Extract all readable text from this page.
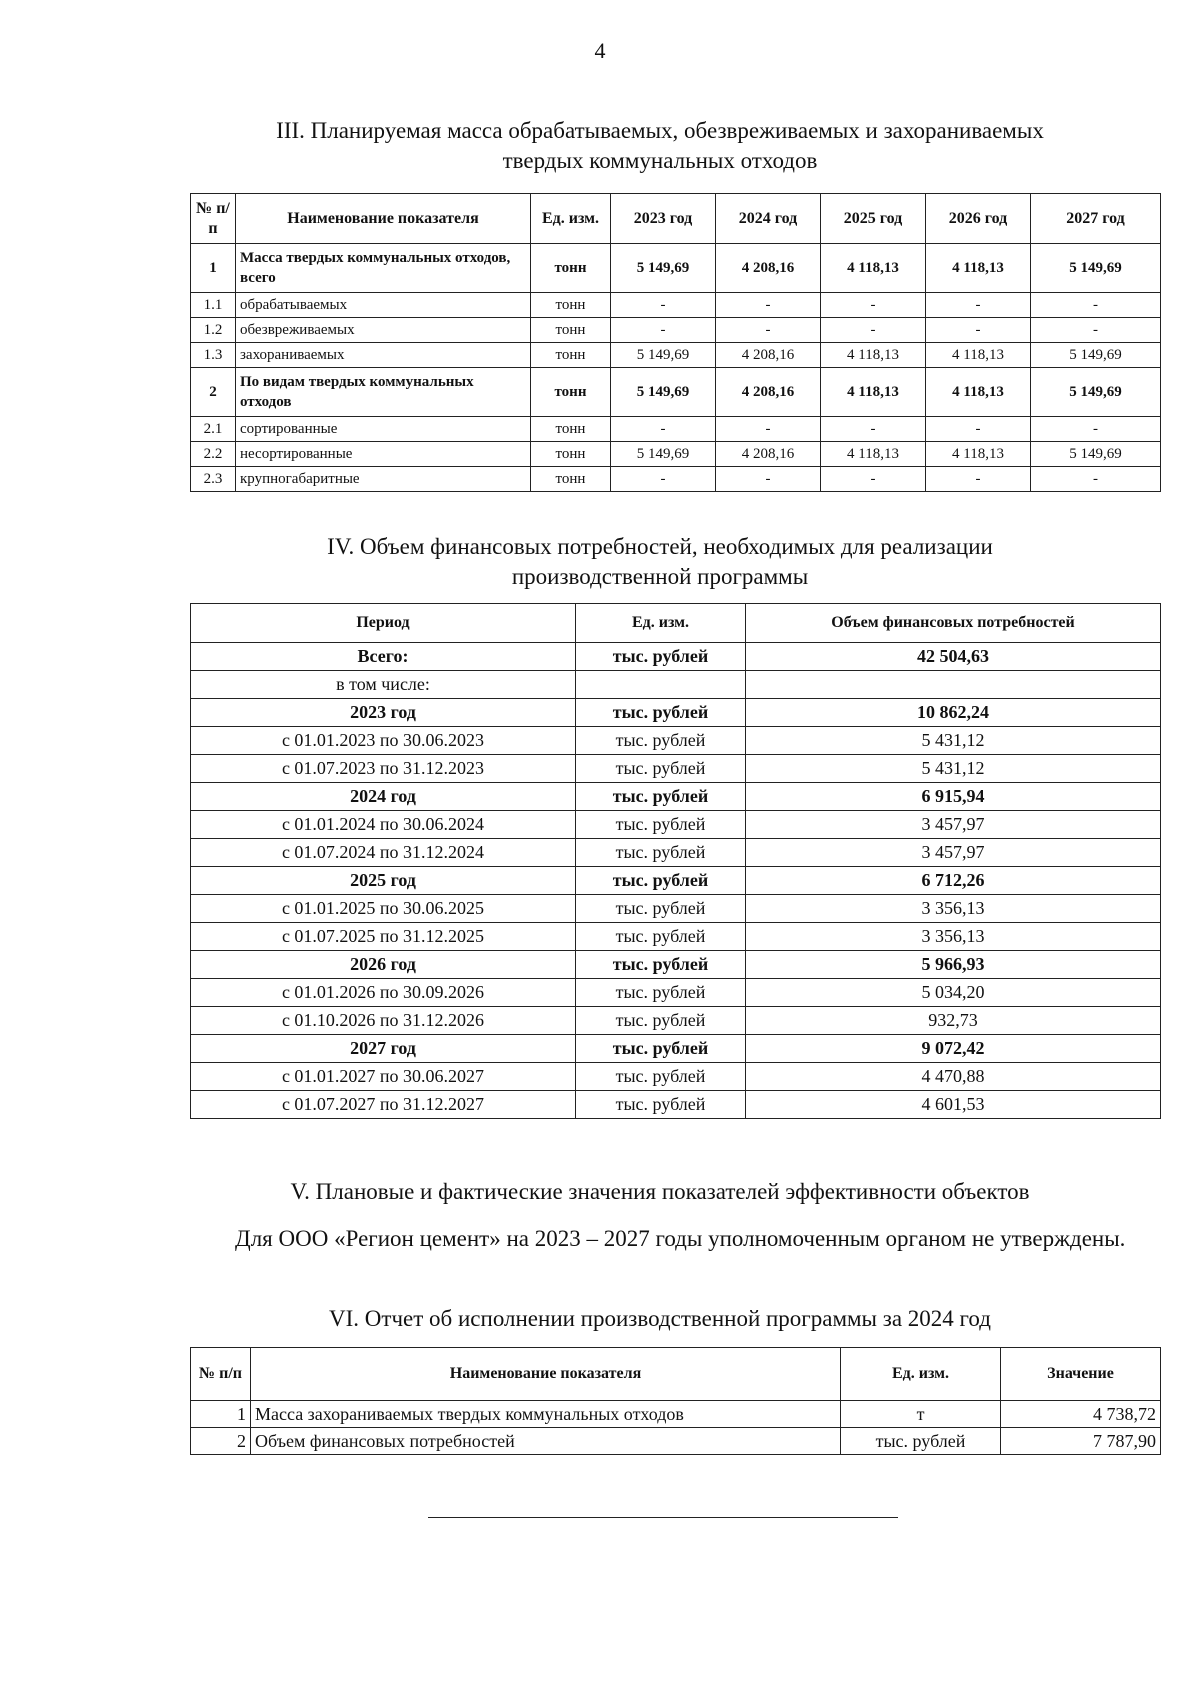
4
III. Планируемая масса обрабатываемых, обезвреживаемых и захораниваемых
твердых коммунальных отходов
№ п/п	Наименование показателя	Ед. изм.	2023 год	2024 год	2025 год	2026 год	2027 год
1	Масса твердых коммунальных отходов, всего	тонн	5 149,69	4 208,16	4 118,13	4 118,13	5 149,69
1.1	обрабатываемых	тонн	-	-	-	-	-
1.2	обезвреживаемых	тонн	-	-	-	-	-
1.3	захораниваемых	тонн	5 149,69	4 208,16	4 118,13	4 118,13	5 149,69
2	По видам твердых коммунальных отходов	тонн	5 149,69	4 208,16	4 118,13	4 118,13	5 149,69
2.1	сортированные	тонн	-	-	-	-	-
2.2	несортированные	тонн	5 149,69	4 208,16	4 118,13	4 118,13	5 149,69
2.3	крупногабаритные	тонн	-	-	-	-	-
IV. Объем финансовых потребностей, необходимых для реализации
производственной программы
Период	Ед. изм.	Объем финансовых потребностей
Всего:	тыс. рублей	42 504,63
в том числе:		
2023 год	тыс. рублей	10 862,24
с 01.01.2023 по 30.06.2023	тыс. рублей	5 431,12
с 01.07.2023 по 31.12.2023	тыс. рублей	5 431,12
2024 год	тыс. рублей	6 915,94
с 01.01.2024 по 30.06.2024	тыс. рублей	3 457,97
с 01.07.2024 по 31.12.2024	тыс. рублей	3 457,97
2025 год	тыс. рублей	6 712,26
с 01.01.2025 по 30.06.2025	тыс. рублей	3 356,13
с 01.07.2025 по 31.12.2025	тыс. рублей	3 356,13
2026 год	тыс. рублей	5 966,93
с 01.01.2026 по 30.09.2026	тыс. рублей	5 034,20
с 01.10.2026 по 31.12.2026	тыс. рублей	932,73
2027 год	тыс. рублей	9 072,42
с 01.01.2027 по 30.06.2027	тыс. рублей	4 470,88
с 01.07.2027 по 31.12.2027	тыс. рублей	4 601,53
V. Плановые и фактические значения показателей эффективности объектов
Для ООО «Регион цемент» на 2023 – 2027 годы уполномоченным органом не утверждены.
VI. Отчет об исполнении производственной программы за 2024 год
№ п/п	Наименование показателя	Ед. изм.	Значение
1	Масса захораниваемых твердых коммунальных отходов	т	4 738,72
2	Объем финансовых потребностей	тыс. рублей	7 787,90
